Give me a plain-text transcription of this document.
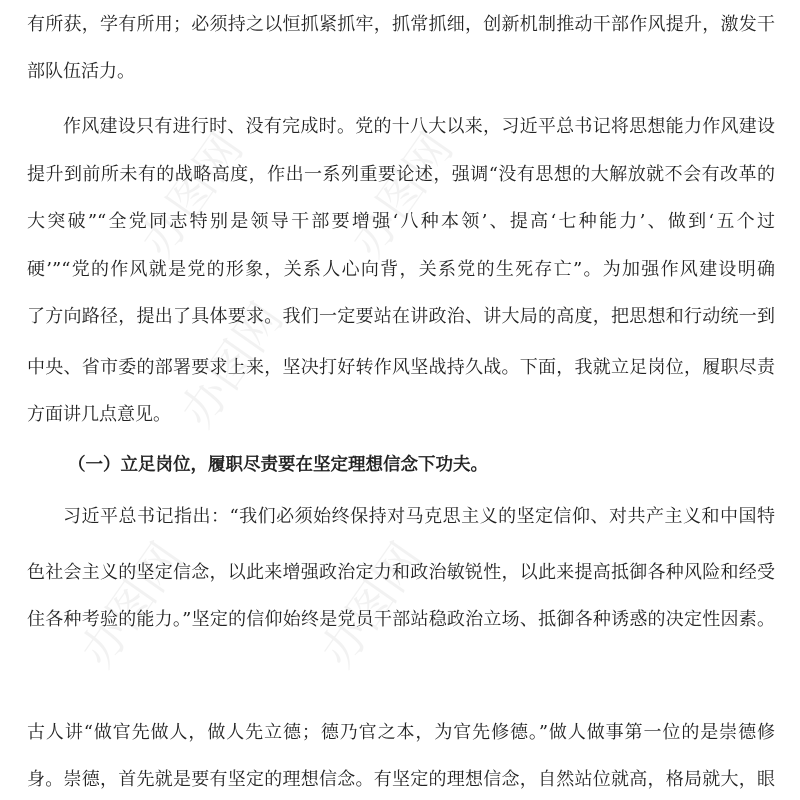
办图网 办图网
办图网
办图网	办图网
有所获，学有所用；必须持之以恒抓紧抓牢，抓常抓细，创新机制推动干部作风提升，激发干
部队伍活力。
作风建设只有进行时、没有完成时。党的十八大以来，习近平总书记将思想能力作风建设
提升到前所未有的战略高度，作出一系列重要论述，强调“没有思想的大解放就不会有改革的
大突破”“全党同志特别是领导干部要增强‘八种本领’、提高‘七种能力’、做到‘五个过
硬’”“党的作风就是党的形象，关系人心向背，关系党的生死存亡”。为加强作风建设明确
了方向路径，提出了具体要求。我们一定要站在讲政治、讲大局的高度，把思想和行动统一到
中央、省市委的部署要求上来，坚决打好转作风坚战持久战。下面，我就立足岗位，履职尽责
方面讲几点意见。
（一）立足岗位，履职尽责要在坚定理想信念下功夫。
习近平总书记指出：“我们必须始终保持对马克思主义的坚定信仰、对共产主义和中国特
色社会主义的坚定信念，以此来增强政治定力和政治敏锐性，以此来提高抵御各种风险和经受
住各种考验的能力。”坚定的信仰始终是党员干部站稳政治立场、抵御各种诱惑的决定性因素。
古人讲“做官先做人，做人先立德；德乃官之本，为官先修德。”做人做事第一位的是崇德修
身。崇德，首先就是要有坚定的理想信念。有坚定的理想信念，自然站位就高，格局就大，眼
